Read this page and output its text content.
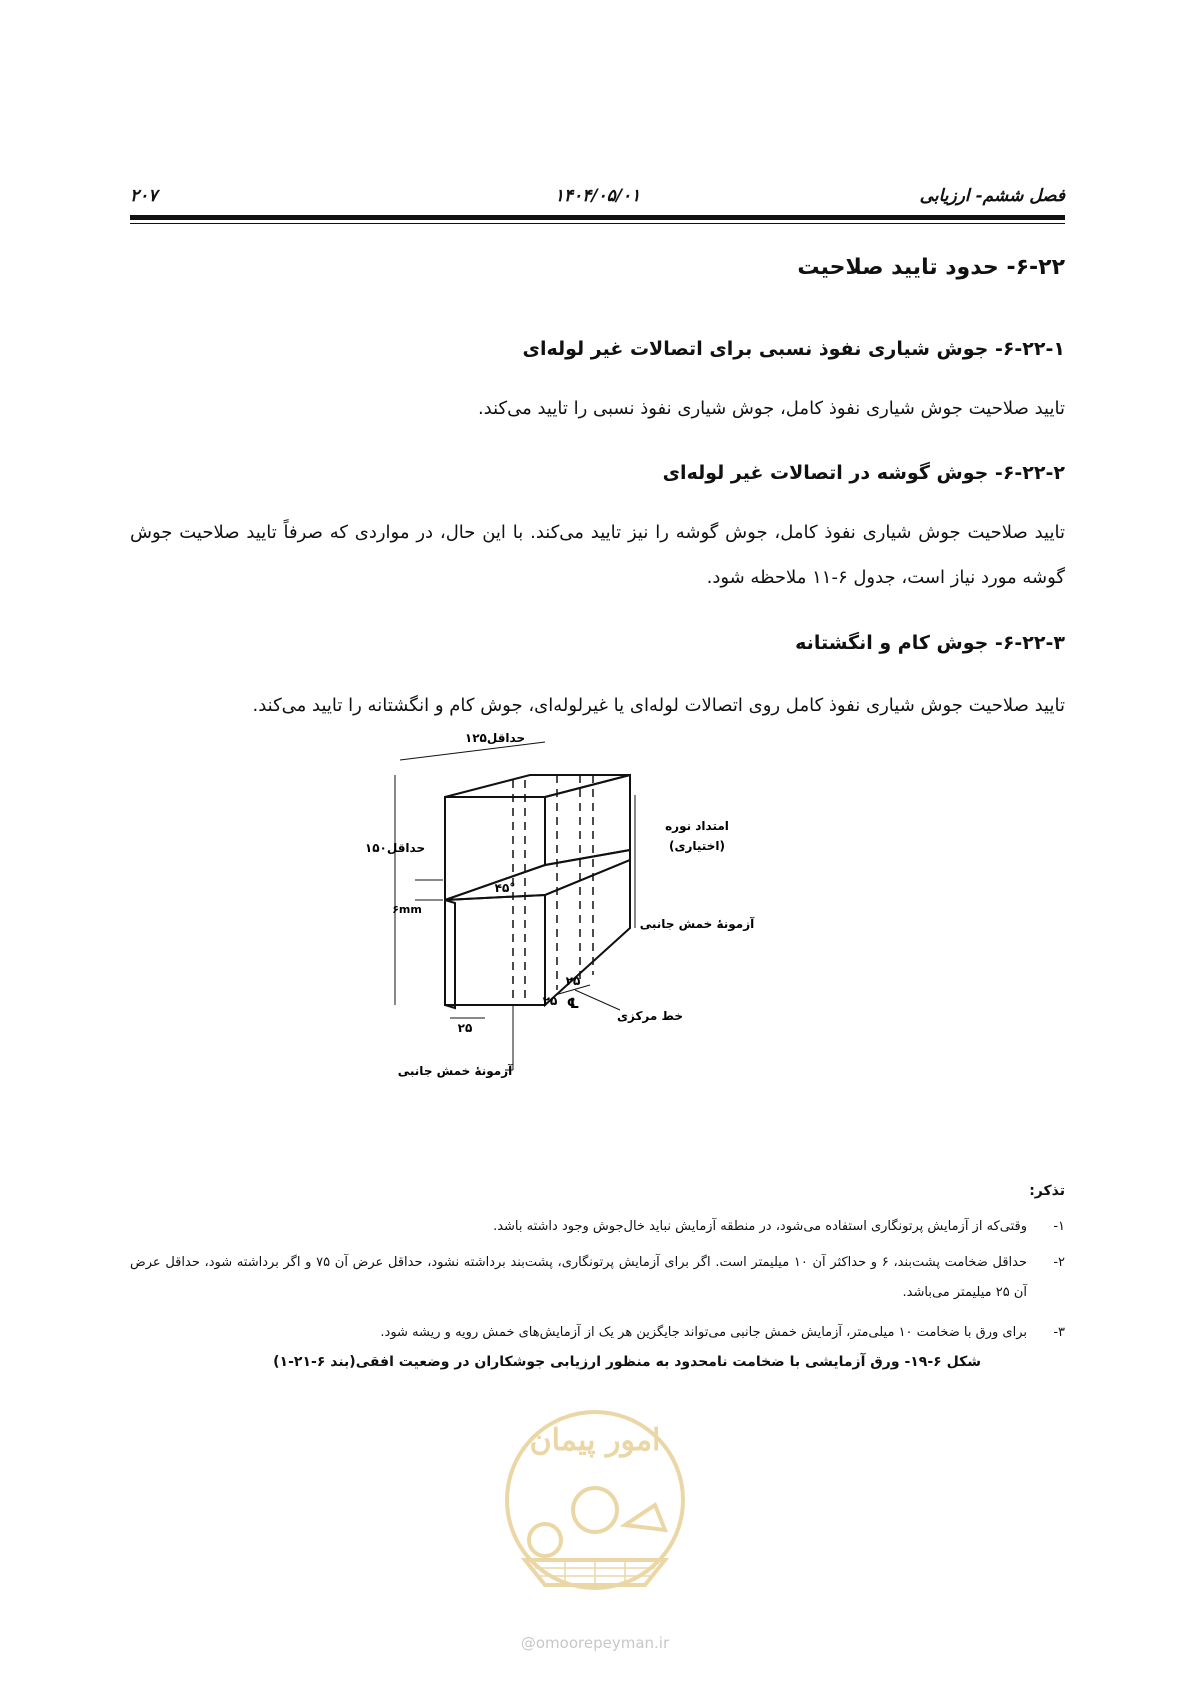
فصل ششم- ارزیابی
۱۴۰۴/۰۵/۰۱
۲۰۷
۶-۲۲- حدود تایید صلاحیت
۶-۲۲-۱- جوش شیاری نفوذ نسبی برای اتصالات غیر لوله‌ای
تایید صلاحیت جوش شیاری نفوذ کامل، جوش شیاری نفوذ نسبی را تایید می‌کند.
۶-۲۲-۲- جوش گوشه در اتصالات غیر لوله‌ای
تایید صلاحیت جوش شیاری نفوذ کامل، جوش گوشه را نیز تایید می‌کند. با این حال، در مواردی که صرفاً تایید صلاحیت جوش گوشه مورد نیاز است، جدول ۶-۱۱ ملاحظه شود.
۶-۲۲-۳- جوش کام و انگشتانه
تایید صلاحیت جوش شیاری نفوذ کامل روی اتصالات لوله‌ای یا غیرلوله‌ای، جوش کام و انگشتانه را تایید می‌کند.
حداقل۱۲۵
حداقل۱۵۰
۴۵°
۶mm
امتداد نوره
(اختیاری)
آزمونهٔ خمش جانبی
۲۵
۲۵
۲۵
℄
خط مرکزی
آزمونهٔ خمش جانبی
تذکر:
۱-
وقتی‌که از آزمایش پرتونگاری استفاده می‌شود، در منطقه آزمایش نباید خال‌جوش وجود داشته باشد.
۲-
حداقل ضخامت پشت‌بند، ۶ و حداکثر آن ۱۰ میلیمتر است. اگر برای آزمایش پرتونگاری، پشت‌بند برداشته نشود، حداقل عرض آن ۷۵ و اگر برداشته شود، حداقل عرض آن ۲۵ میلیمتر می‌باشد.
۳-
برای ورق با ضخامت ۱۰ میلی‌متر، آزمایش خمش جانبی می‌تواند جایگزین هر یک از آزمایش‌های خمش رویه و ریشه شود.
شکل ۶-۱۹- ورق آزمایشی با ضخامت نامحدود به منظور ارزیابی جوشکاران در وضعیت افقی(بند ۶-۲۱-۱)
امور پیمان
@omoorepeyman.ir
